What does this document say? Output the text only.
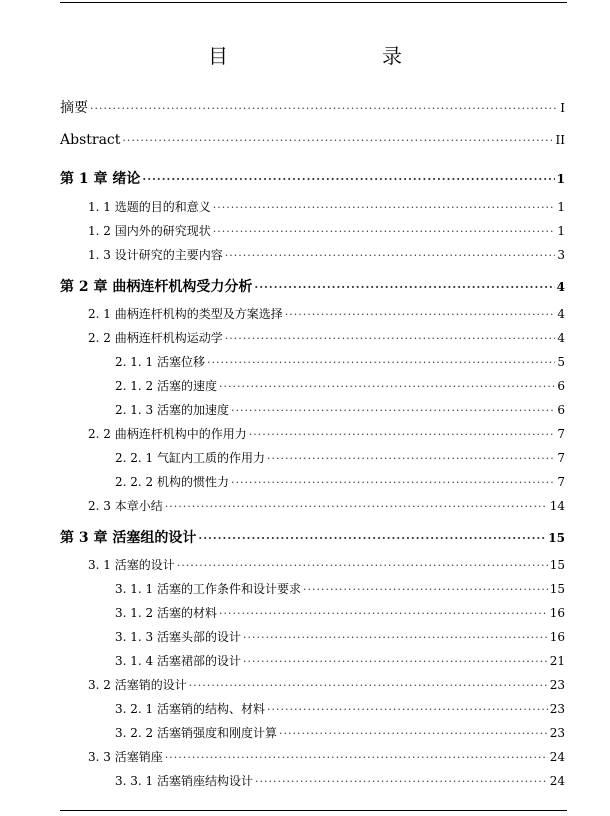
目　　录
摘要 ·····	I
Abstract ·····	II
第 1 章 绪论 ·····	1
1. 1 选题的目的和意义 ·····	1
1. 2 国内外的研究现状 ·····	1
1. 3 设计研究的主要内容 ·····	3
第 2 章 曲柄连杆机构受力分析 ·····	4
2. 1 曲柄连杆机构的类型及方案选择 ·····	4
2. 2 曲柄连杆机构运动学 ·····	4
2. 1. 1 活塞位移 ·····	5
2. 1. 2 活塞的速度 ·····	6
2. 1. 3 活塞的加速度 ·····	6
2. 2 曲柄连杆机构中的作用力 ·····	7
2. 2. 1 气缸内工质的作用力 ·····	7
2. 2. 2 机构的惯性力 ·····	7
2. 3 本章小结 ·····	14
第 3 章 活塞组的设计 ·····	15
3. 1 活塞的设计 ·····	15
3. 1. 1 活塞的工作条件和设计要求 ·····	15
3. 1. 2 活塞的材料 ·····	16
3. 1. 3 活塞头部的设计 ·····	16
3. 1. 4 活塞裙部的设计 ·····	21
3. 2 活塞销的设计 ·····	23
3. 2. 1 活塞销的结构、材料 ·····	23
3. 2. 2 活塞销强度和刚度计算 ·····	23
3. 3 活塞销座 ·····	24
3. 3. 1 活塞销座结构设计 ·····	24
